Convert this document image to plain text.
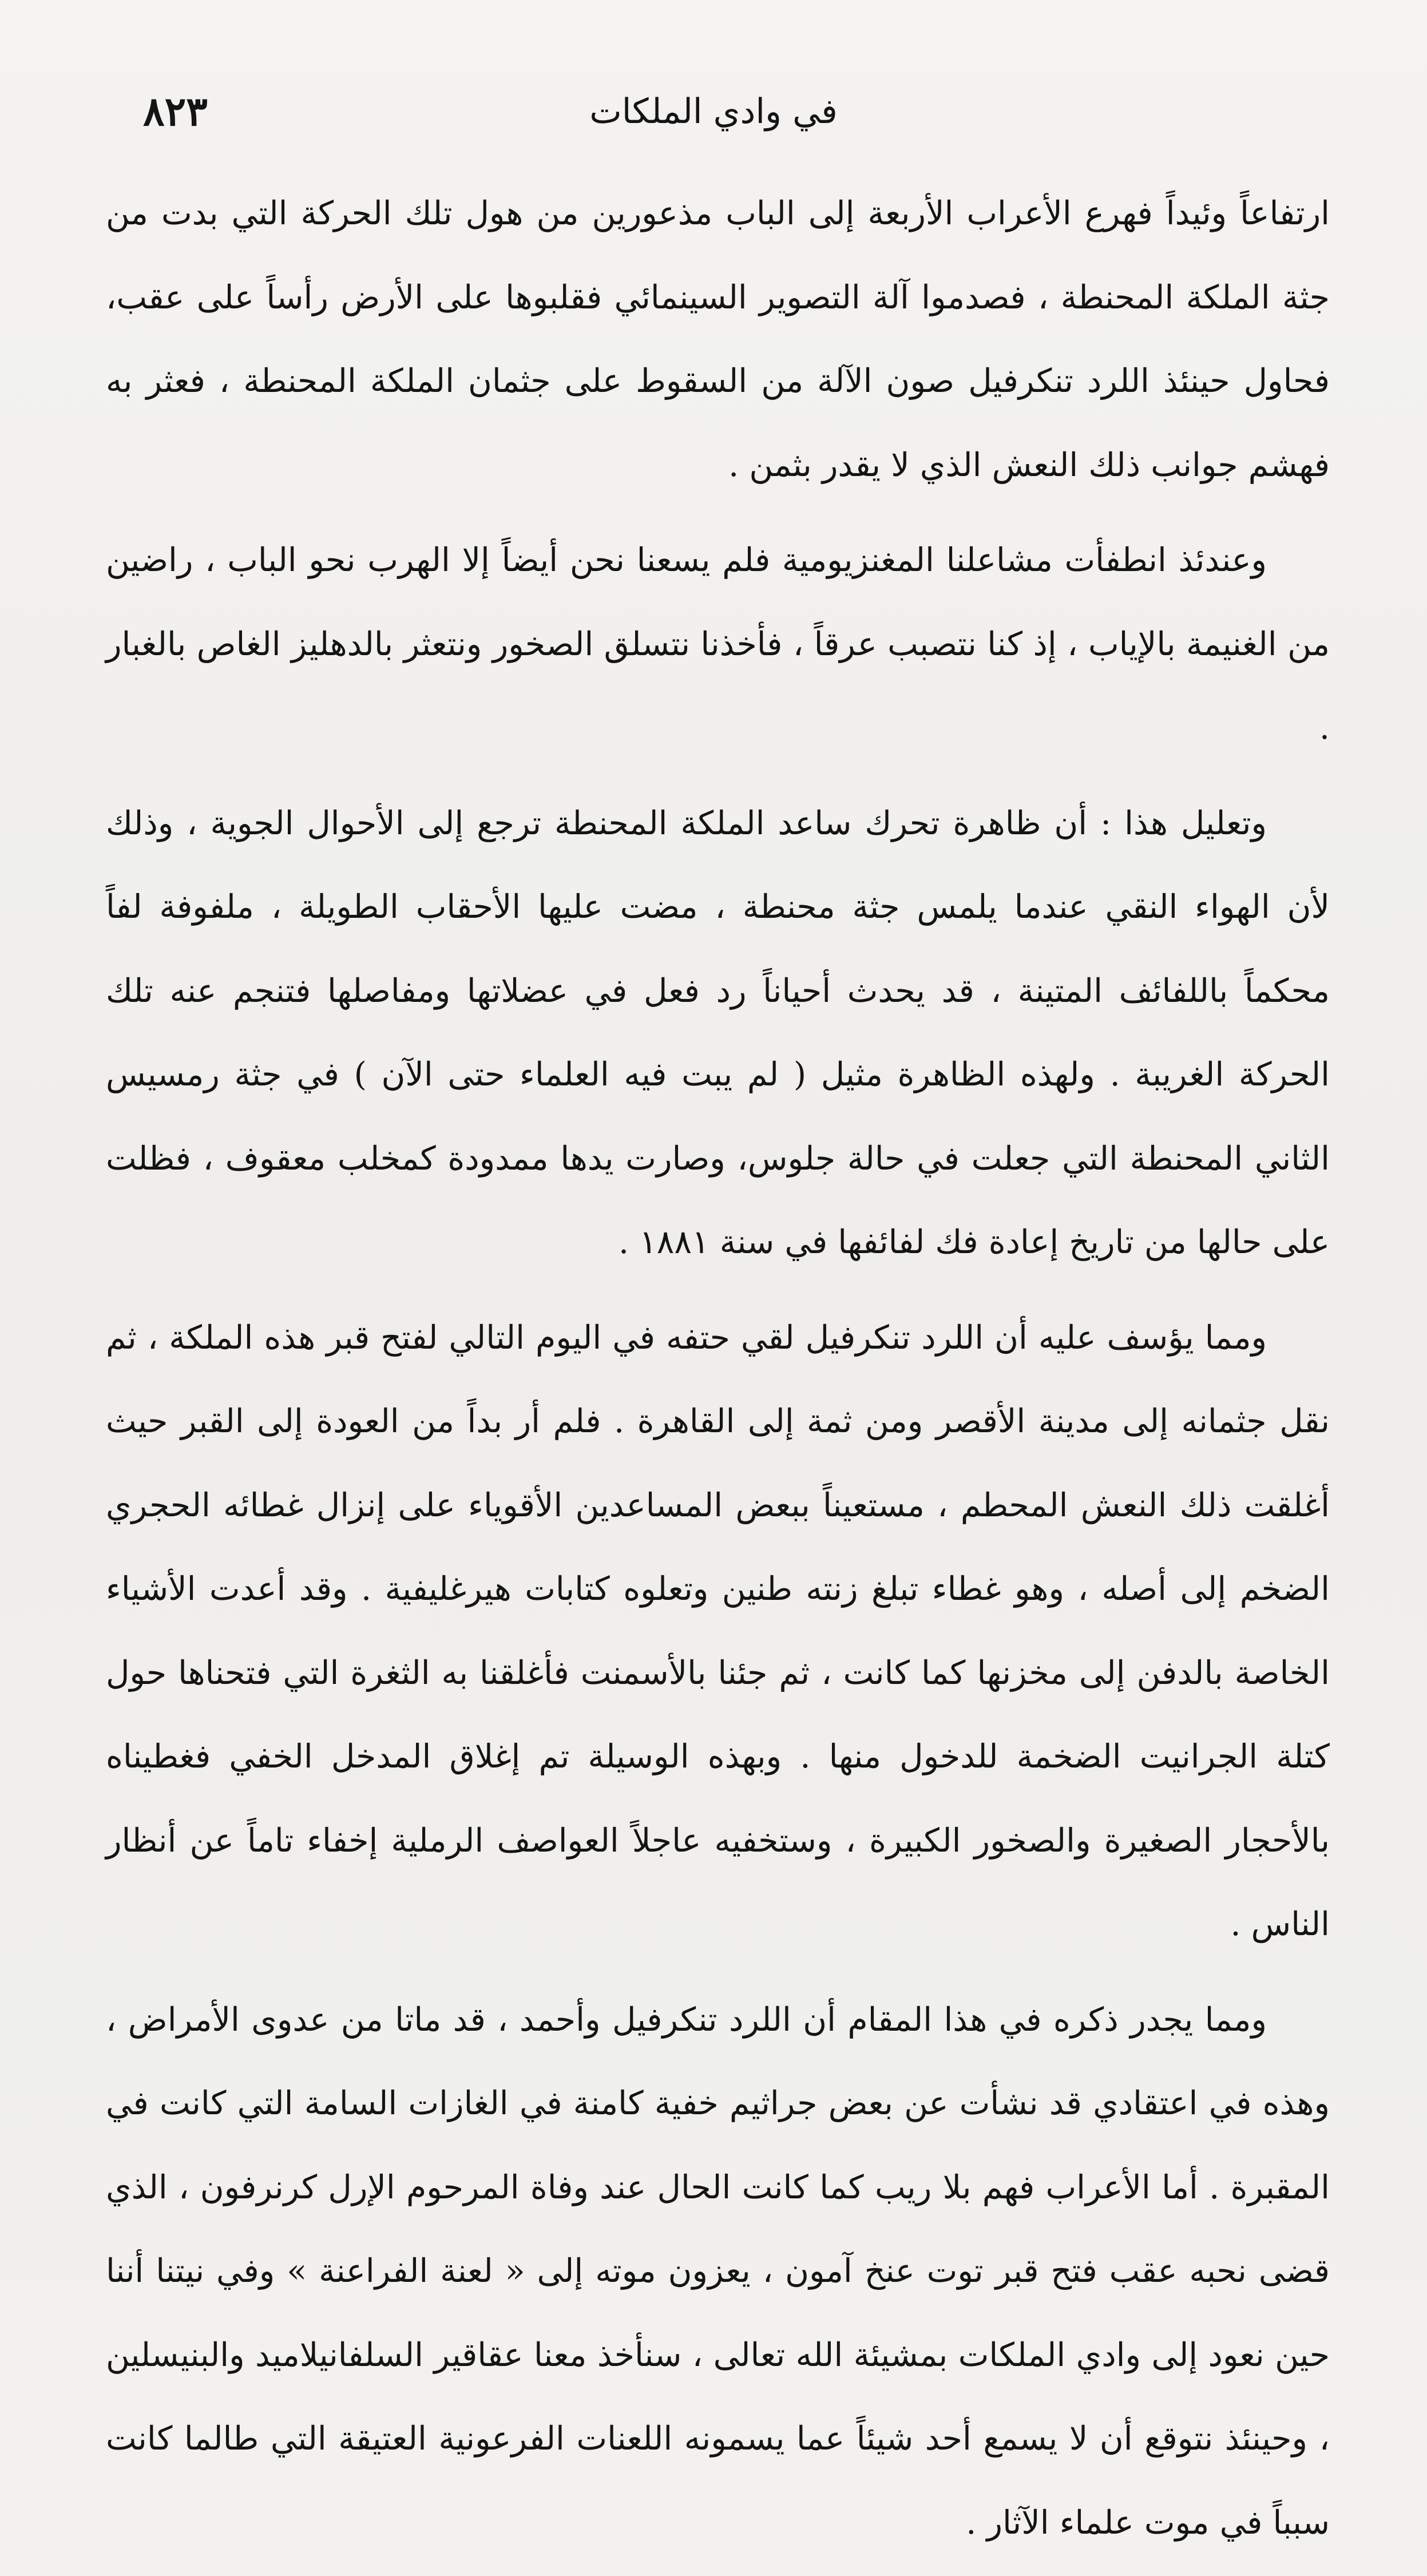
٨٢٣	في وادي الملكات

ارتفاعاً وئيداً فهرع الأعراب الأربعة إلى الباب مذعورين من هول تلك الحركة التي بدت من جثة الملكة المحنطة ، فصدموا آلة التصوير السينمائي فقلبوها على الأرض رأساً على عقب، فحاول حينئذ اللرد تنكرفيل صون الآلة من السقوط على جثمان الملكة المحنطة ، فعثر به فهشم جوانب ذلك النعش الذي لا يقدر بثمن .

وعندئذ انطفأت مشاعلنا المغنزيومية فلم يسعنا نحن أيضاً إلا الهرب نحو الباب ، راضين من الغنيمة بالإياب ، إذ كنا نتصبب عرقاً ، فأخذنا نتسلق الصخور ونتعثر بالدهليز الغاص بالغبار .

وتعليل هذا : أن ظاهرة تحرك ساعد الملكة المحنطة ترجع إلى الأحوال الجوية ، وذلك لأن الهواء النقي عندما يلمس جثة محنطة ، مضت عليها الأحقاب الطويلة ، ملفوفة لفاً محكماً باللفائف المتينة ، قد يحدث أحياناً رد فعل في عضلاتها ومفاصلها فتنجم عنه تلك الحركة الغريبة . ولهذه الظاهرة مثيل ( لم يبت فيه العلماء حتى الآن ) في جثة رمسيس الثاني المحنطة التي جعلت في حالة جلوس، وصارت يدها ممدودة كمخلب معقوف ، فظلت على حالها من تاريخ إعادة فك لفائفها في سنة ١٨٨١ .

ومما يؤسف عليه أن اللرد تنكرفيل لقي حتفه في اليوم التالي لفتح قبر هذه الملكة ، ثم نقل جثمانه إلى مدينة الأقصر ومن ثمة إلى القاهرة . فلم أر بداً من العودة إلى القبر حيث أغلقت ذلك النعش المحطم ، مستعيناً ببعض المساعدين الأقوياء على إنزال غطائه الحجري الضخم إلى أصله ، وهو غطاء تبلغ زنته طنين وتعلوه كتابات هيرغليفية . وقد أعدت الأشياء الخاصة بالدفن إلى مخزنها كما كانت ، ثم جئنا بالأسمنت فأغلقنا به الثغرة التي فتحناها حول كتلة الجرانيت الضخمة للدخول منها . وبهذه الوسيلة تم إغلاق المدخل الخفي فغطيناه بالأحجار الصغيرة والصخور الكبيرة ، وستخفيه عاجلاً العواصف الرملية إخفاء تاماً عن أنظار الناس .

ومما يجدر ذكره في هذا المقام أن اللرد تنكرفيل وأحمد ، قد ماتا من عدوى الأمراض ، وهذه في اعتقادي قد نشأت عن بعض جراثيم خفية كامنة في الغازات السامة التي كانت في المقبرة . أما الأعراب فهم بلا ريب كما كانت الحال عند وفاة المرحوم الإرل كرنرفون ، الذي قضى نحبه عقب فتح قبر توت عنخ آمون ، يعزون موته إلى « لعنة الفراعنة » وفي نيتنا أننا حين نعود إلى وادي الملكات بمشيئة الله تعالى ، سنأخذ معنا عقاقير السلفانيلاميد والبنيسلين ، وحينئذ نتوقع أن لا يسمع أحد شيئاً عما يسمونه اللعنات الفرعونية العتيقة التي طالما كانت سبباً في موت علماء الآثار .
